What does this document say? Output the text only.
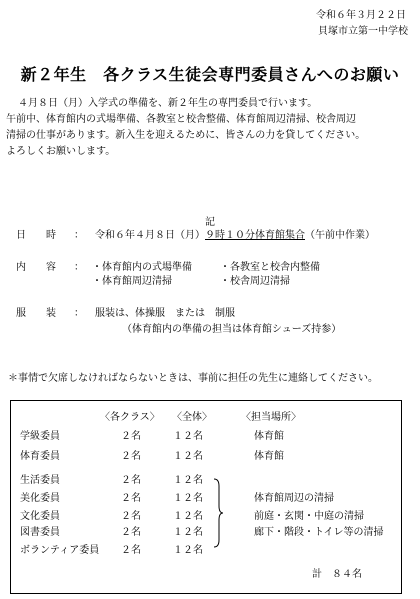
令和６年３月２２日
貝塚市立第一中学校
新２年生　各クラス生徒会専門委員さんへのお願い
４月８日（月）入学式の準備を、新２年生の専門委員で行います。
午前中、体育館内の式場準備、各教室と校舎整備、体育館周辺清掃、校舎周辺
清掃の仕事があります。新入生を迎えるために、皆さんの力を貸してください。
よろしくお願いします。
記
日　　時 ： 令和６年４月８日（月）９時１０分体育館集合（午前中作業）
内　　容 ： ・体育館内の式場準備	・各教室と校舎内整備
・体育館周辺清掃	・校舎周辺清掃
服　　装 ： 服装は、体操服　または　制服
（体育館内の準備の担当は体育館シューズ持参）
＊事情で欠席しなければならないときは、事前に担任の先生に連絡してください。
〈各クラス〉 〈全体〉	〈担当場所〉
学級委員	２名	１２名	体育館
体育委員	２名	１２名	体育館
生活委員	２名	１２名
美化委員	２名	１２名	体育館周辺の清掃
文化委員	２名	１２名	前庭・玄関・中庭の清掃
図書委員	２名	１２名	廊下・階段・トイレ等の清掃
ボランティア委員 ２名	１２名
計　８４名
